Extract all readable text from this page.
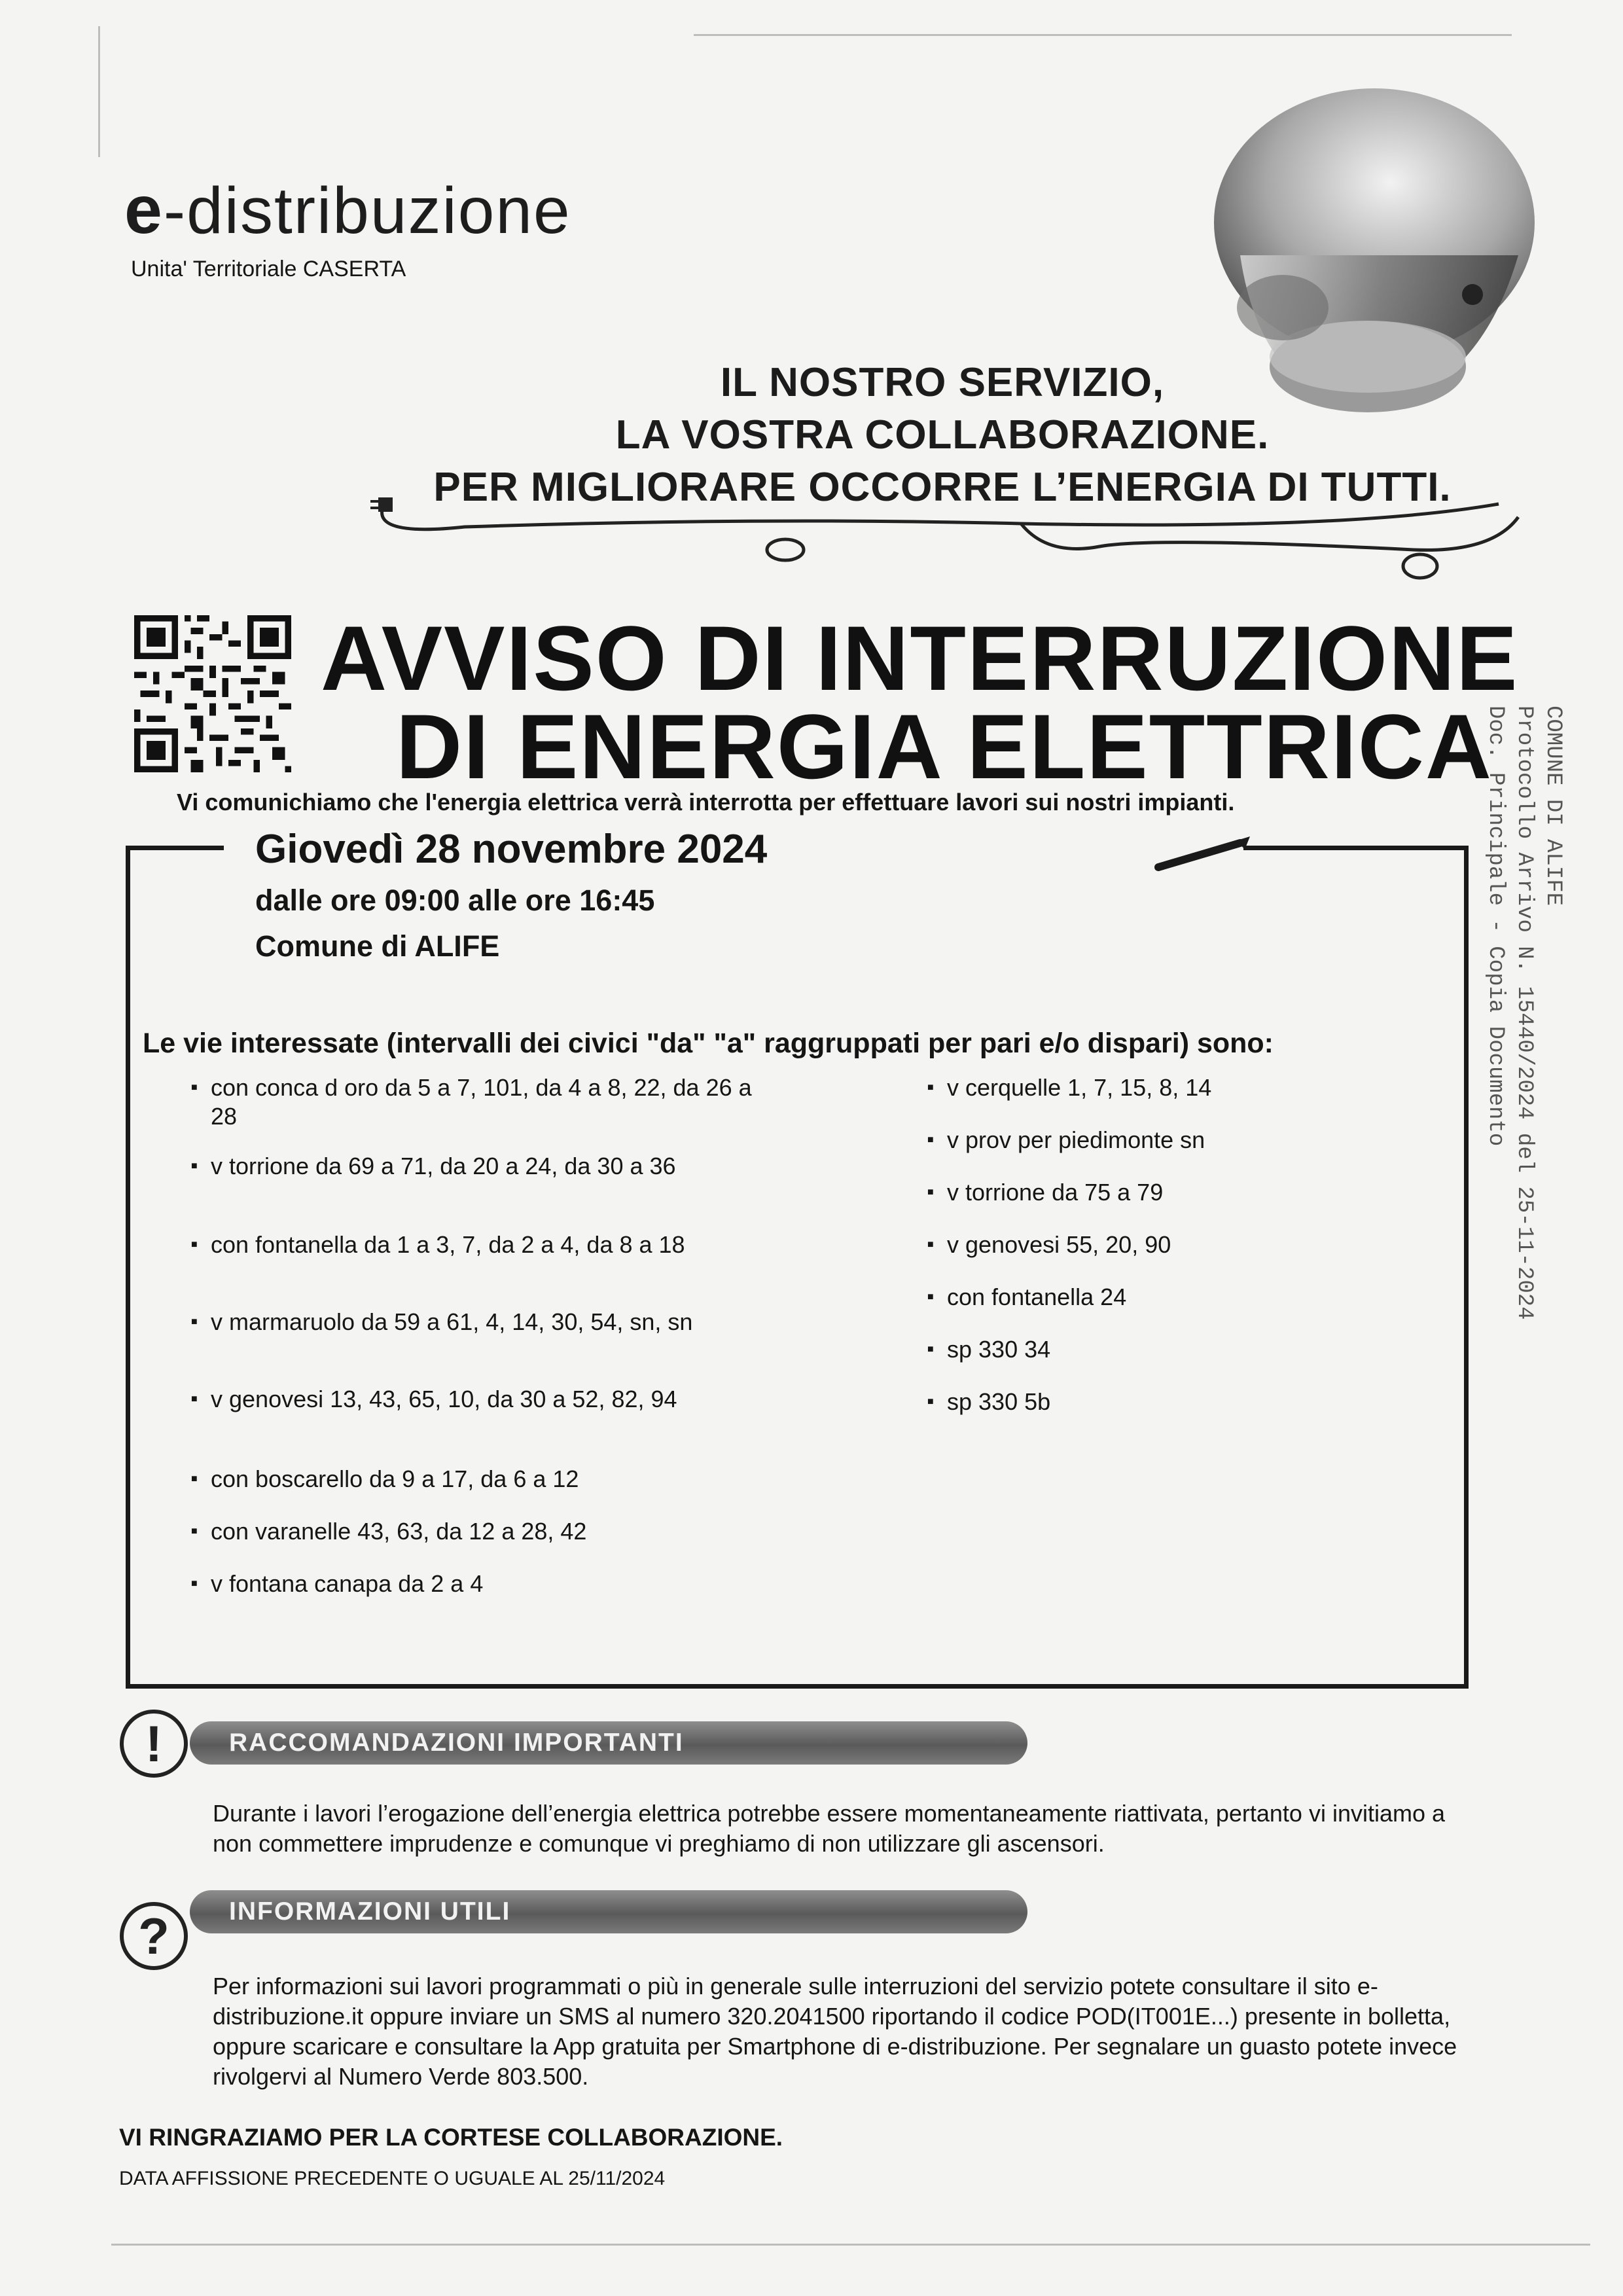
e-distribuzione
Unita' Territoriale CASERTA
IL NOSTRO SERVIZIO,
LA VOSTRA COLLABORAZIONE.
PER MIGLIORARE OCCORRE L’ENERGIA DI TUTTI.
AVVISO DI INTERRUZIONE
DI ENERGIA ELETTRICA
Vi comunichiamo che l'energia elettrica verrà interrotta per effettuare lavori sui nostri impianti.
Giovedì 28 novembre 2024
dalle ore 09:00 alle ore 16:45
Comune di ALIFE
Le vie interessate (intervalli dei civici "da" "a" raggruppati per pari e/o dispari) sono:
■ con conca d oro da 5 a 7, 101, da 4 a 8, 22, da 26 a 28
■ v torrione da 69 a 71, da 20 a 24, da 30 a 36
■ con fontanella da 1 a 3, 7, da 2 a 4, da 8 a 18
■ v marmaruolo da 59 a 61, 4, 14, 30, 54, sn, sn
■ v genovesi 13, 43, 65, 10, da 30 a 52, 82, 94
■ con boscarello da 9 a 17, da 6 a 12
■ con varanelle 43, 63, da 12 a 28, 42
■ v fontana canapa da 2 a 4
■ v cerquelle 1, 7, 15, 8, 14
■ v prov per piedimonte sn
■ v torrione da 75 a 79
■ v genovesi 55, 20, 90
■ con fontanella 24
■ sp 330 34
■ sp 330 5b
RACCOMANDAZIONI IMPORTANTI
!
Durante i lavori l’erogazione dell’energia elettrica potrebbe essere momentaneamente riattivata, pertanto vi invitiamo a non commettere imprudenze e comunque vi preghiamo di non utilizzare gli ascensori.
INFORMAZIONI UTILI
?
Per informazioni sui lavori programmati o più in generale sulle interruzioni del servizio potete consultare il sito e-distribuzione.it oppure inviare un SMS al numero 320.2041500 riportando il codice POD(IT001E...) presente in bolletta, oppure scaricare e consultare la App gratuita per Smartphone di e-distribuzione. Per segnalare un guasto potete invece rivolgervi al Numero Verde 803.500.
VI RINGRAZIAMO PER LA CORTESE COLLABORAZIONE.
DATA AFFISSIONE PRECEDENTE O UGUALE AL 25/11/2024
COMUNE DI ALIFE
Protocollo Arrivo N. 15440/2024 del 25-11-2024
Doc. Principale - Copia Documento
